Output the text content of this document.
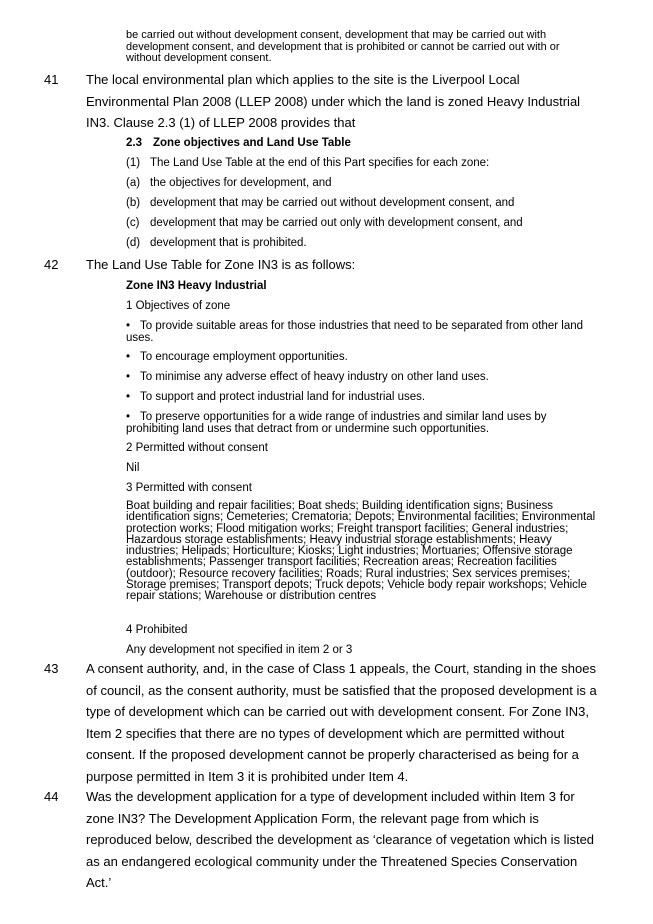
be carried out without development consent, development that may be carried out with development consent, and development that is prohibited or cannot be carried out with or without development consent.
41 The local environmental plan which applies to the site is the Liverpool Local Environmental Plan 2008 (LLEP 2008) under which the land is zoned Heavy Industrial IN3. Clause 2.3 (1) of LLEP 2008 provides that
2.3 Zone objectives and Land Use Table
(1) The Land Use Table at the end of this Part specifies for each zone:
(a) the objectives for development, and
(b) development that may be carried out without development consent, and
(c) development that may be carried out only with development consent, and
(d) development that is prohibited.
42 The Land Use Table for Zone IN3 is as follows:
Zone IN3 Heavy Industrial
1 Objectives of zone
• To provide suitable areas for those industries that need to be separated from other land uses.
• To encourage employment opportunities.
• To minimise any adverse effect of heavy industry on other land uses.
• To support and protect industrial land for industrial uses.
• To preserve opportunities for a wide range of industries and similar land uses by prohibiting land uses that detract from or undermine such opportunities.
2 Permitted without consent
Nil
3 Permitted with consent
Boat building and repair facilities; Boat sheds; Building identification signs; Business identification signs; Cemeteries; Crematoria; Depots; Environmental facilities; Environmental protection works; Flood mitigation works; Freight transport facilities; General industries; Hazardous storage establishments; Heavy industrial storage establishments; Heavy industries; Helipads; Horticulture; Kiosks; Light industries; Mortuaries; Offensive storage establishments; Passenger transport facilities; Recreation areas; Recreation facilities (outdoor); Resource recovery facilities; Roads; Rural industries; Sex services premises; Storage premises; Transport depots; Truck depots; Vehicle body repair workshops; Vehicle repair stations; Warehouse or distribution centres
4 Prohibited
Any development not specified in item 2 or 3
43 A consent authority, and, in the case of Class 1 appeals, the Court, standing in the shoes of council, as the consent authority, must be satisfied that the proposed development is a type of development which can be carried out with development consent. For Zone IN3, Item 2 specifies that there are no types of development which are permitted without consent. If the proposed development cannot be properly characterised as being for a purpose permitted in Item 3 it is prohibited under Item 4.
44 Was the development application for a type of development included within Item 3 for zone IN3? The Development Application Form, the relevant page from which is reproduced below, described the development as ‘clearance of vegetation which is listed as an endangered ecological community under the Threatened Species Conservation Act.’
